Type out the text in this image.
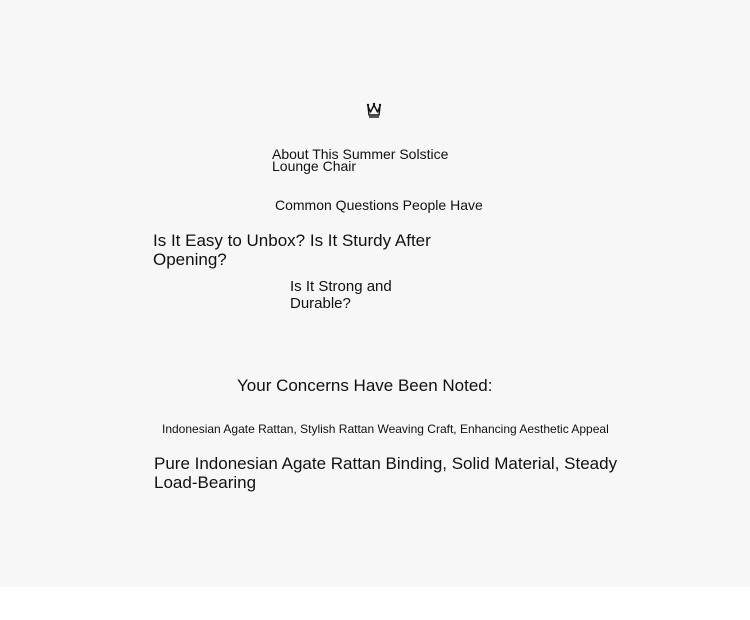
About This Summer Solstice Lounge Chair
Common Questions People Have
Is It Easy to Unbox? Is It Sturdy After Opening?
Is It Strong and Durable?
Your Concerns Have Been Noted:
Indonesian Agate Rattan, Stylish Rattan Weaving Craft, Enhancing Aesthetic Appeal
Pure Indonesian Agate Rattan Binding, Solid Material, Steady Load-Bearing
